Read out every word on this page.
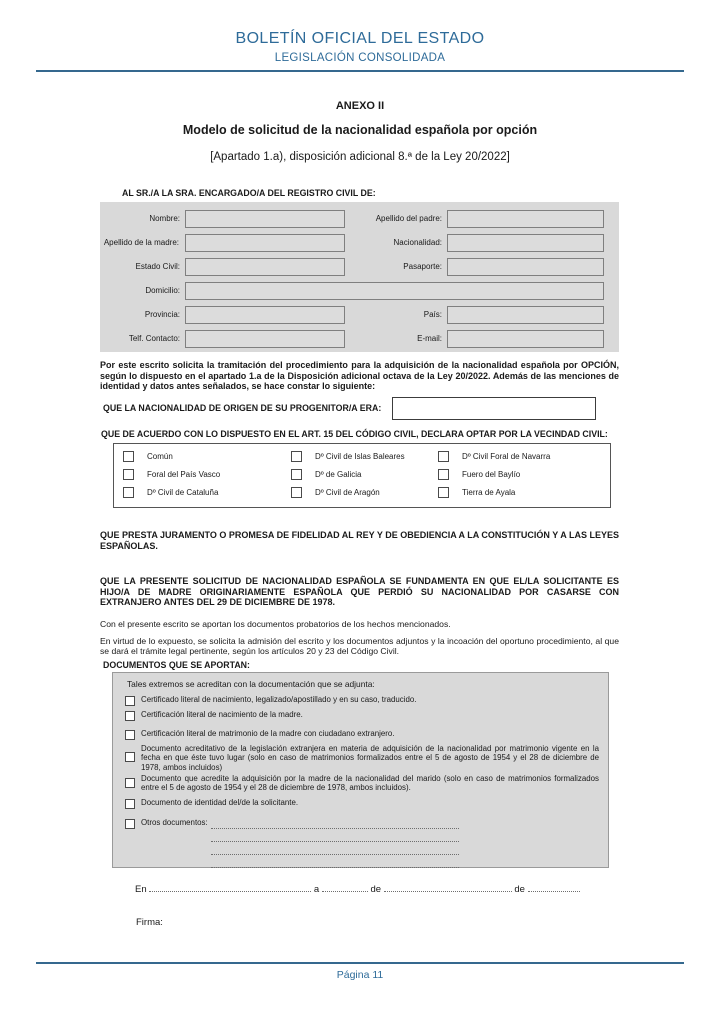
BOLETÍN OFICIAL DEL ESTADO
LEGISLACIÓN CONSOLIDADA
ANEXO II
Modelo de solicitud de la nacionalidad española por opción
[Apartado 1.a), disposición adicional 8.ª de la Ley 20/2022]
AL SR./A LA SRA. ENCARGADO/A DEL REGISTRO CIVIL DE:
Nombre:	Apellido del padre:
Apellido de la madre:	Nacionalidad:
Estado Civil:	Pasaporte:
Domicilio:
Provincia:	País:
Telf. Contacto:	E-mail:
Por este escrito solicita la tramitación del procedimiento para la adquisición de la nacionalidad española por OPCIÓN, según lo dispuesto en el apartado 1.a de la Disposición adicional octava de la Ley 20/2022. Además de las menciones de identidad y datos antes señalados, se hace constar lo siguiente:
QUE LA NACIONALIDAD DE ORIGEN DE SU PROGENITOR/A ERA:
QUE DE ACUERDO CON LO DISPUESTO EN EL ART. 15 DEL CÓDIGO CIVIL, DECLARA OPTAR POR LA VECINDAD CIVIL:
Común	Dº Civil de Islas Baleares	Dº Civil Foral de Navarra
Foral del País Vasco	Dº de Galicia	Fuero del Baylío
Dº Civil de Cataluña	Dº Civil de Aragón	Tierra de Ayala
QUE PRESTA JURAMENTO O PROMESA DE FIDELIDAD AL REY Y DE OBEDIENCIA A LA CONSTITUCIÓN Y A LAS LEYES ESPAÑOLAS.
QUE LA PRESENTE SOLICITUD DE NACIONALIDAD ESPAÑOLA SE FUNDAMENTA EN QUE EL/LA SOLICITANTE ES HIJO/A DE MADRE ORIGINARIAMENTE ESPAÑOLA QUE PERDIÓ SU NACIONALIDAD POR CASARSE CON EXTRANJERO ANTES DEL 29 DE DICIEMBRE DE 1978.
Con el presente escrito se aportan los documentos probatorios de los hechos mencionados.
En virtud de lo expuesto, se solicita la admisión del escrito y los documentos adjuntos y la incoación del oportuno procedimiento, al que se dará el trámite legal pertinente, según los artículos 20 y 23 del Código Civil.
DOCUMENTOS QUE SE APORTAN:
Tales extremos se acreditan con la documentación que se adjunta:
Certificado literal de nacimiento, legalizado/apostillado y en su caso, traducido.
Certificación literal de nacimiento de la madre.
Certificación literal de matrimonio de la madre con ciudadano extranjero.
Documento acreditativo de la legislación extranjera en materia de adquisición de la nacionalidad por matrimonio vigente en la fecha en que éste tuvo lugar (solo en caso de matrimonios formalizados entre el 5 de agosto de 1954 y el 28 de diciembre de 1978, ambos incluidos)
Documento que acredite la adquisición por la madre de la nacionalidad del marido (solo en caso de matrimonios formalizados entre el 5 de agosto de 1954 y el 28 de diciembre de 1978, ambos incluidos).
Documento de identidad del/de la solicitante.
Otros documentos:
En	a	de	de
Firma:
Página 11
